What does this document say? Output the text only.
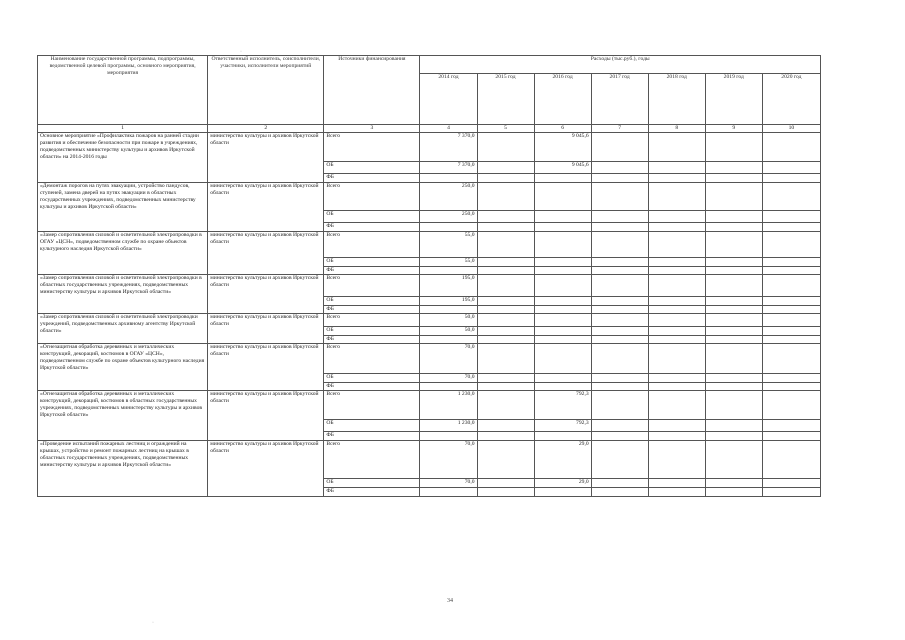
Наименование государственной программы, подпрограммы, ведомственной целевой программы, основного мероприятия, мероприятия	Ответственный исполнитель, соисполнители, участники, исполнители мероприятий	Источники финансирования	Расходы (тыс.руб.), годы						
			2014 год	2015 год	2016 год	2017 год	2018 год	2019 год	2020 год
1	2	3	4	5	6	7	8	9	10
Основное мероприятие «Профилактика пожаров на ранней стадии развития и обеспечение безопасности при пожаре в учреждениях, подведомственных министерству культуры и архивов Иркутской области» на 2014-2016 годы	министерство культуры и архивов Иркутской области	Всего	7 370,0		9 045,6				
		ОБ	7 370,0		9 045,6				
		ФБ							
«Демонтаж порогов на путях эвакуации, устройство пандусов, ступеней, замена дверей на путях эвакуации в областных государственных учреждениях, подведомственных министерству культуры и архивов Иркутской области»	министерство культуры и архивов Иркутской области	Всего	250,0						
		ОБ	250,0						
		ФБ							
«Замер сопротивления силовой и осветительной электропроводки в ОГАУ «ЦСН», подведомственном службе по охране объектов культурного наследия Иркутской области»	министерство культуры и архивов Иркутской области	Всего	55,0						
		ОБ	55,0						
		ФБ							
«Замер сопротивления силовой и осветительной электропроводки в областных государственных учреждениях, подведомственных министерству культуры и архивов Иркутской области»	министерство культуры и архивов Иркутской области	Всего	195,0						
		ОБ	195,0						
		ФБ							
«Замер сопротивления силовой и осветительной электропроводки учреждений, подведомственных архивному агентству Иркутской области»	министерство культуры и архивов Иркутской области	Всего	50,0						
		ОБ	50,0						
		ФБ							
«Огнезащитная обработка деревянных и металлических конструкций, декораций, костюмов в ОГАУ «ЦСН», подведомственном службе по охране объектов культурного наследия Иркутской области»	министерство культуры и архивов Иркутской области	Всего	70,0						
		ОБ	70,0						
		ФБ							
«Огнезащитная обработка деревянных и металлических конструкций, декораций, костюмов в областных государственных учреждениях, подведомственных министерству культуры и архивов Иркутской области»	министерство культуры и архивов Иркутской области	Всего	1 230,0		792,3				
		ОБ	1 230,0		792,3				
		ФБ							
«Проведение испытаний пожарных лестниц и ограждений на крышах, устройство и ремонт пожарных лестниц на крышах в областных государственных учреждениях, подведомственных министерству культуры и архивов Иркутской области»	министерство культуры и архивов Иркутской области	Всего	70,0		29,0				
		ОБ	70,0		29,0				
		ФБ							
·
·
34
